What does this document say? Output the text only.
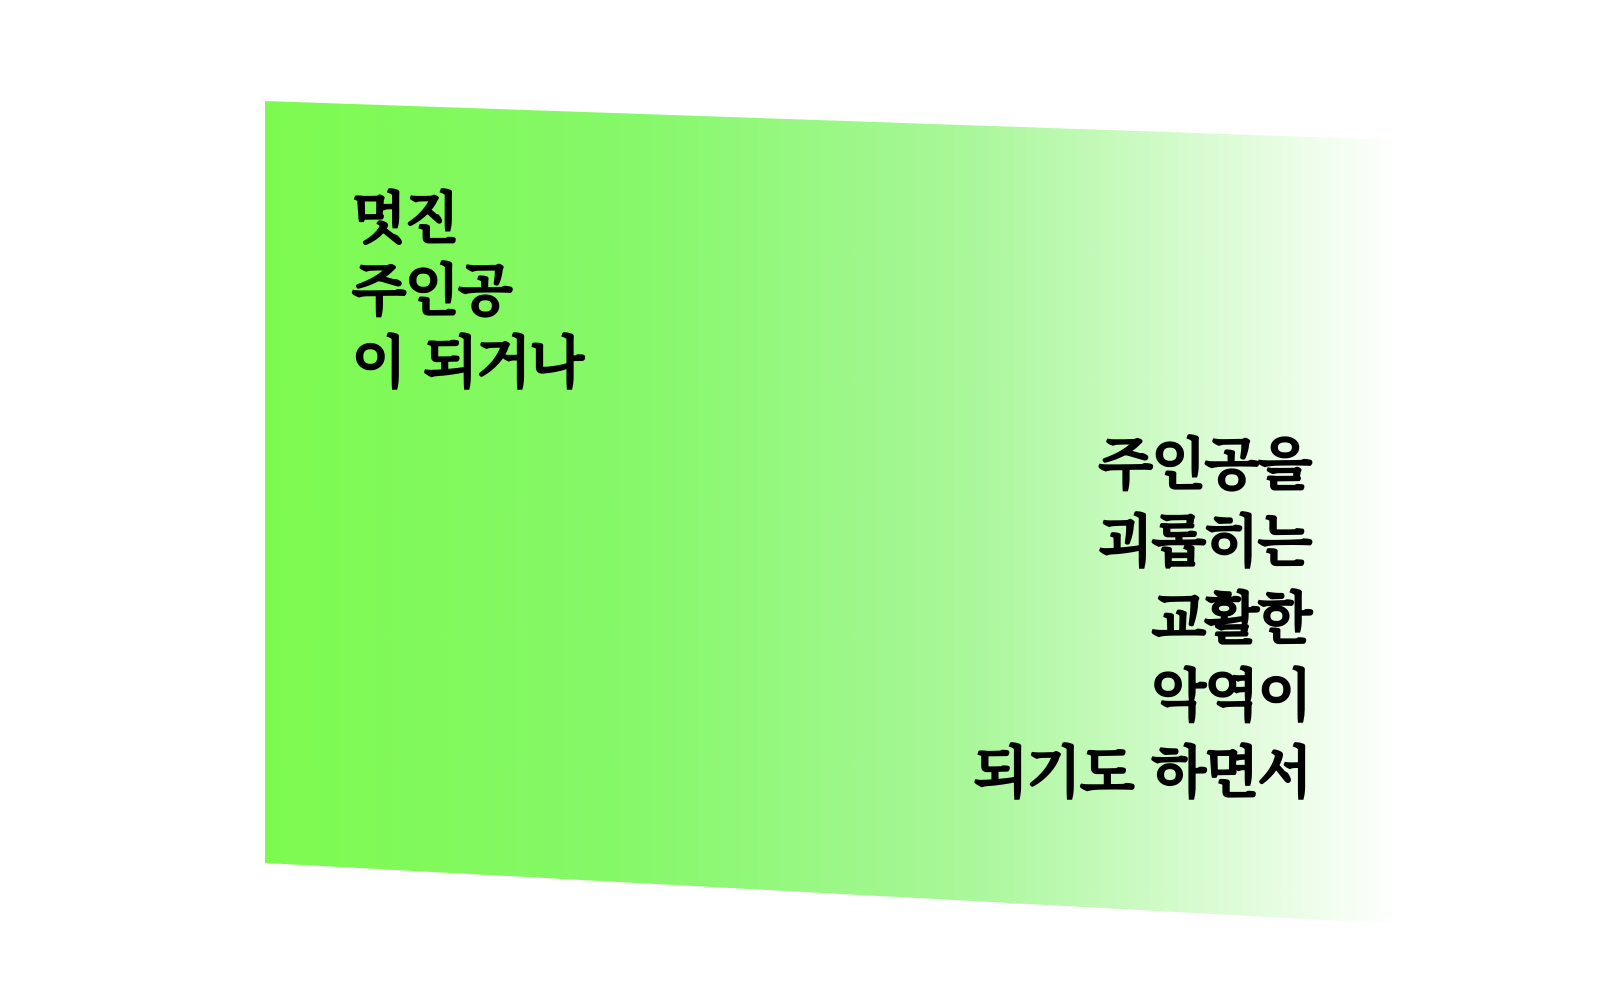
멋진
주인공
이 되거나
주인공을
괴롭히는
교활한
악역이
되기도 하면서
